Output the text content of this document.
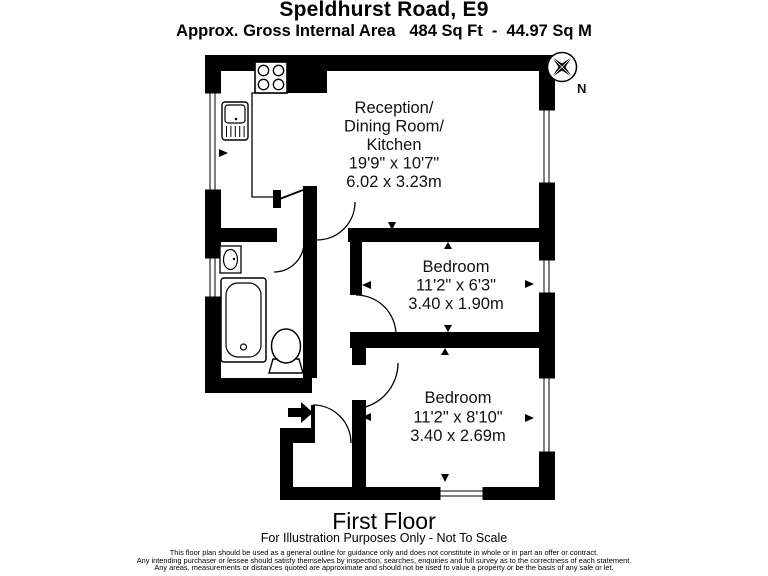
Speldhurst Road, E9
Approx. Gross Internal Area   484 Sq Ft  -  44.97 Sq M
N
Reception/
Dining Room/
Kitchen
19'9" x 10'7"
6.02 x 3.23m
Bedroom
11'2" x 6'3"
3.40 x 1.90m
Bedroom
11'2" x 8'10"
3.40 x 2.69m
First Floor
For Illustration Purposes Only - Not To Scale
This floor plan should be used as a general outline for guidance only and does not constitute in whole or in part an offer or contract.
Any intending purchaser or lessee should satisfy themselves by inspection, searches, enquiries and full survey as to the correctness of each statement.
Any areas, measurements or distances quoted are approximate and should not be used to value a property or be the basis of any sale or let.
